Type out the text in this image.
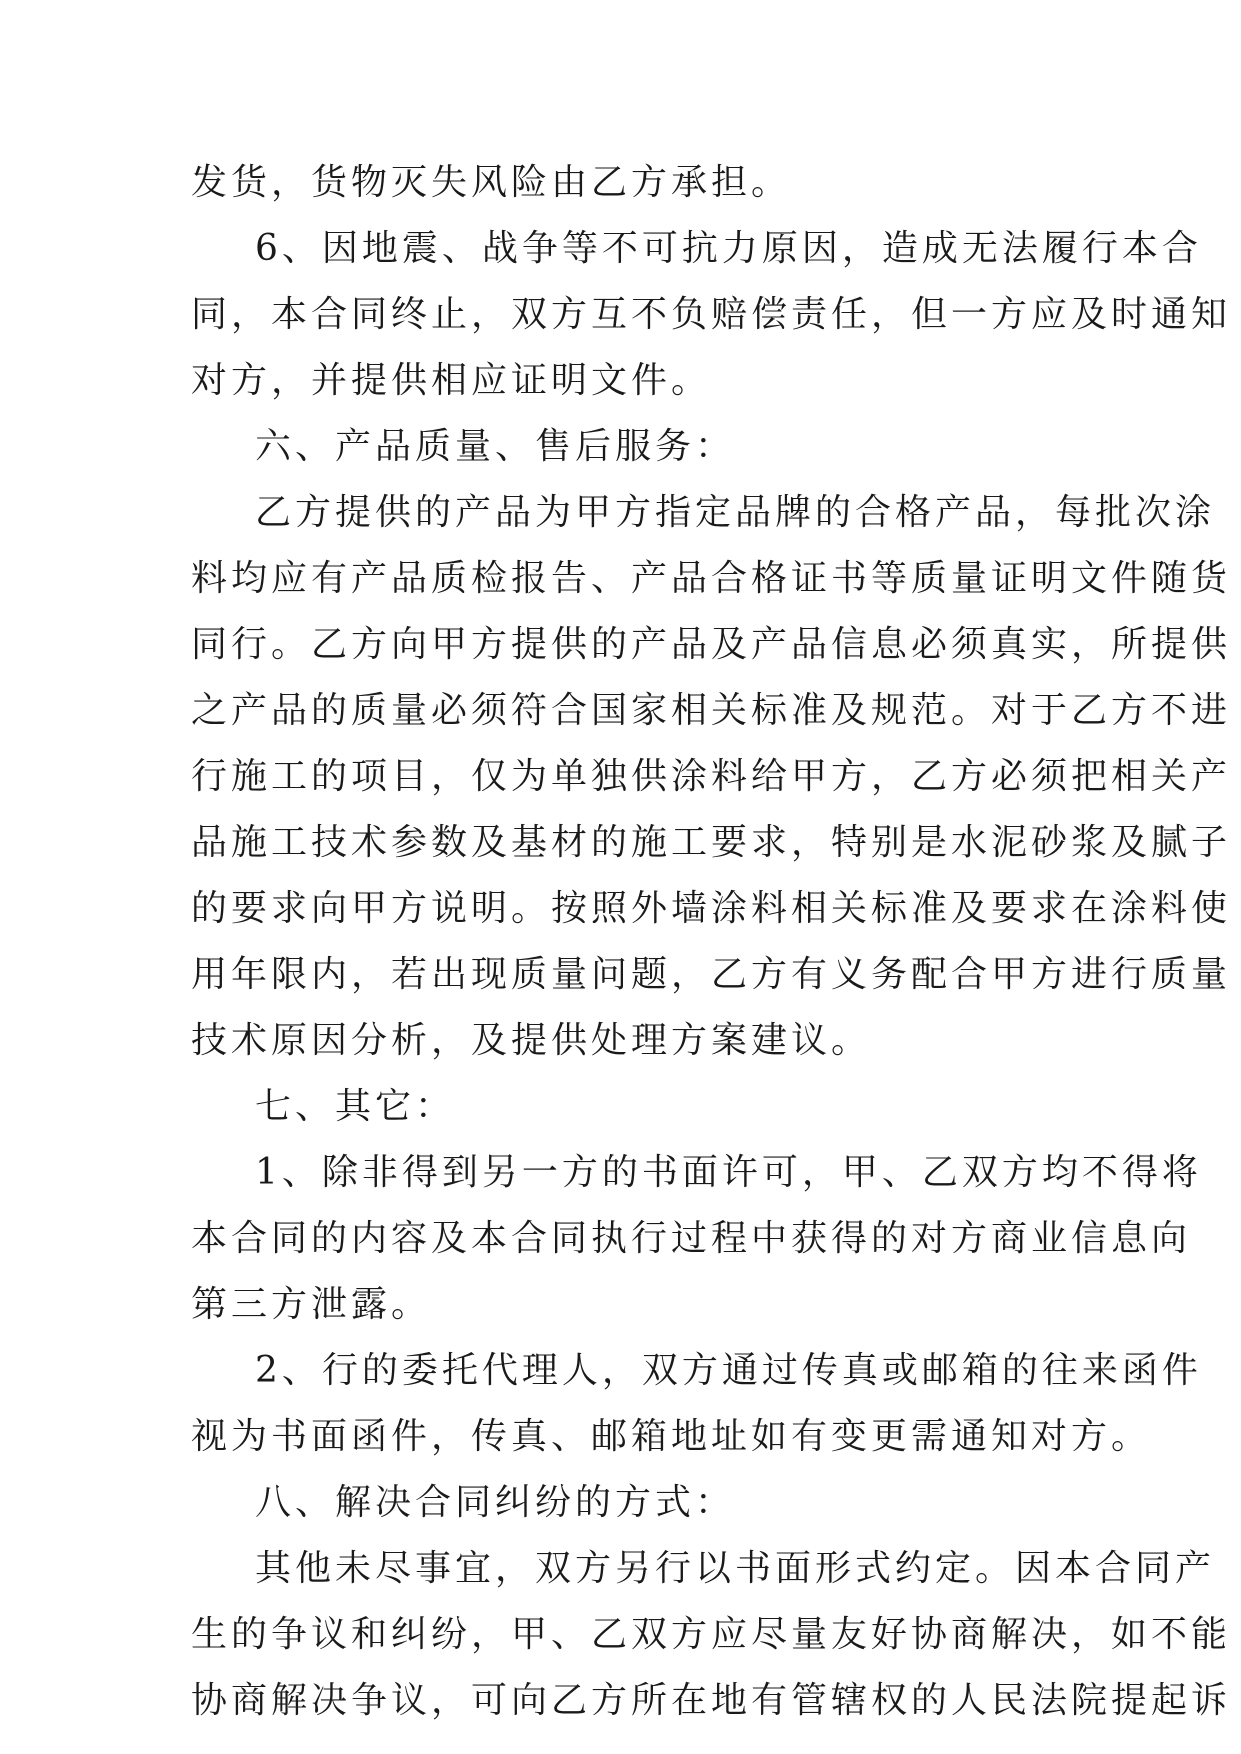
发货，货物灭失风险由乙方承担。
6、因地震、战争等不可抗力原因，造成无法履行本合
同，本合同终止，双方互不负赔偿责任，但一方应及时通知
对方，并提供相应证明文件。
六、产品质量、售后服务：
乙方提供的产品为甲方指定品牌的合格产品，每批次涂
料均应有产品质检报告、产品合格证书等质量证明文件随货
同行。乙方向甲方提供的产品及产品信息必须真实，所提供
之产品的质量必须符合国家相关标准及规范。对于乙方不进
行施工的项目，仅为单独供涂料给甲方，乙方必须把相关产
品施工技术参数及基材的施工要求，特别是水泥砂浆及腻子
的要求向甲方说明。按照外墙涂料相关标准及要求在涂料使
用年限内，若出现质量问题，乙方有义务配合甲方进行质量
技术原因分析，及提供处理方案建议。
七、其它：
1、除非得到另一方的书面许可，甲、乙双方均不得将
本合同的内容及本合同执行过程中获得的对方商业信息向
第三方泄露。
2、行的委托代理人，双方通过传真或邮箱的往来函件
视为书面函件，传真、邮箱地址如有变更需通知对方。
八、解决合同纠纷的方式：
其他未尽事宜，双方另行以书面形式约定。因本合同产
生的争议和纠纷，甲、乙双方应尽量友好协商解决，如不能
协商解决争议，可向乙方所在地有管辖权的人民法院提起诉
